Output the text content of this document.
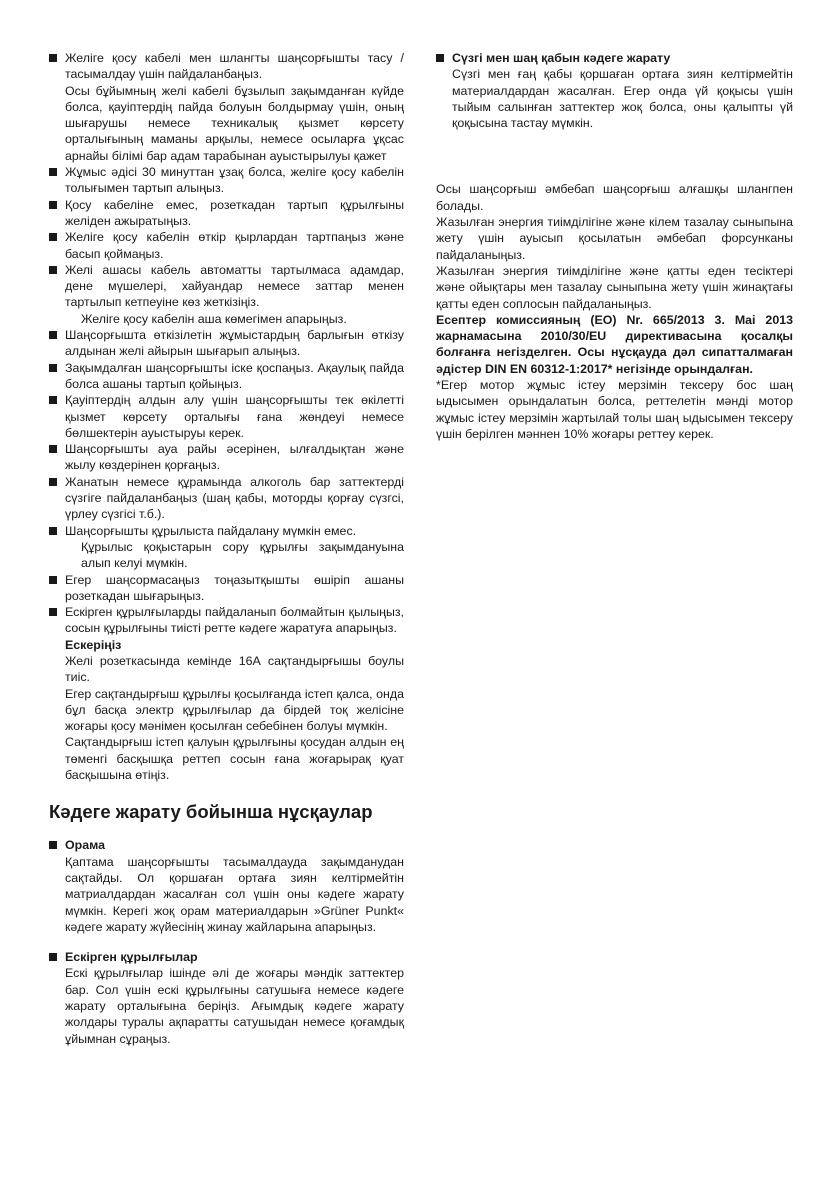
Желіге қосу кабелі мен шлангты шаңсорғышты тасу / тасымалдау үшін пайдаланбаңыз.
Осы бұйымның желі кабелі бұзылып зақымданған күйде болса, қауіптердің пайда болуын болдырмау үшін, оның шығарушы немесе техникалық қызмет көрсету орталығының маманы арқылы, немесе осыларға ұқсас арнайы білімі бар адам тарабынан ауыстырылуы қажет
Жұмыс әдісі 30 минуттан ұзақ болса, желіге қосу кабелін толығымен тартып алыңыз.
Қосу кабеліне емес, розеткадан тартып құрылғыны желіден ажыратыңыз.
Желіге қосу кабелін өткір қырлардан тартпаңыз және басып қоймаңыз.
Желі ашасы кабель автоматты тартылмаса адамдар, дене мүшелері, хайуандар немесе заттар менен тартылып кетпеуіне көз жеткізіңіз.
Желіге қосу кабелін аша көмегімен апарыңыз.
Шаңсорғышта өткізілетін жұмыстардың барлығын өткізу алдынан желі айырын шығарып алыңыз.
Зақымдалған шаңсорғышты іске қоспаңыз. Ақаулық пайда болса ашаны тартып қойыңыз.
Қауіптердің алдын алу үшін шаңсорғышты тек өкілетті қызмет көрсету орталығы ғана жөндеуі немесе бөлшектерін ауыстыруы керек.
Шаңсорғышты ауа райы әсерінен, ылғалдықтан және жылу көздерінен қорғаңыз.
Жанатын немесе құрамында алкоголь бар заттектерді сүзгіге пайдаланбаңыз (шаң қабы, моторды қорғау сүзгсі, үрлеу сүзгісі т.б.).
Шаңсорғышты құрылыста пайдалану мүмкін емес.
Құрылыс қоқыстарын сору құрылғы зақымдануына алып келуі мүмкін.
Егер шаңсормасаңыз тоңазытқышты өшіріп ашаны розеткадан шығарыңыз.
Ескірген құрылғыларды пайдаланып болмайтын қылыңыз, сосын құрылғыны тиісті ретте кәдеге жаратуға апарыңыз.
Ескеріңіз
Желі розеткасында кемінде 16А сақтандырғышы боулы тиіс.
Егер сақтандырғыш құрылғы қосылғанда істеп қалса, онда бұл басқа электр құрылғылар да бірдей тоқ желісіне жоғары қосу мәнімен қосылған себебінен болуы мүмкін.
Сақтандырғыш істеп қалуын құрылғыны қосудан алдын ең төменгі басқышқа реттеп сосын ғана жоғарырақ қуат басқышына өтіңіз.
Кәдеге жарату бойынша нұсқаулар
Орама
Қаптама шаңсорғышты тасымалдауда зақымданудан сақтайды. Ол қоршаған ортаға зиян келтірмейтін матриалдардан жасалған сол үшін оны кәдеге жарату мүмкін. Керегі жоқ орам материалдарын »Grüner Punkt« кәдеге жарату жүйесінің жинау жайларына апарыңыз.
Ескірген құрылғылар
Ескі құрылғылар ішінде әлі де жоғары мәндік заттектер бар. Сол үшін ескі құрылғыны сатушыға немесе кәдеге жарату орталығына беріңіз. Ағымдық кәдеге жарату жолдары туралы ақпаратты сатушыдан немесе қоғамдық ұйымнан сұраңыз.
Сүзгі мен шаң қабын кәдеге жарату
Сүзгі мен ғаң қабы қоршаған ортаға зиян келтірмейтін материалдардан жасалған. Егер онда үй қоқысы үшін тыйым салынған заттектер жоқ болса, оны қалыпты үй қоқысына тастау мүмкін.
Осы шаңсорғыш әмбебап шаңсорғыш алғашқы шлангпен болады.
Жазылған энергия тиімділігіне және кілем тазалау сыныпына жету үшін ауысып қосылатын әмбебап форсунканы пайдаланыңыз.
Жазылған энергия тиімділігіне және қатты еден тесіктері және ойықтары мен тазалау сыныпына жету үшін жинақтағы қатты еден соплосын пайдаланыңыз.
Есептер комиссияның (ЕО) Nr. 665/2013 3. Mai 2013 жарнамасына 2010/30/EU директивасына қосалқы болғанға негізделген. Осы нұсқауда дәл сипатталмаған әдістер DIN EN 60312-1:2017* негізінде орындалған.
*Егер мотор жұмыс істеу мерзімін тексеру бос шаң ыдысымен орындалатын болса, реттелетін мәнді мотор жұмыс істеу мерзімін жартылай толы шаң ыдысымен тексеру үшін берілген мәннен 10% жоғары реттеу керек.
